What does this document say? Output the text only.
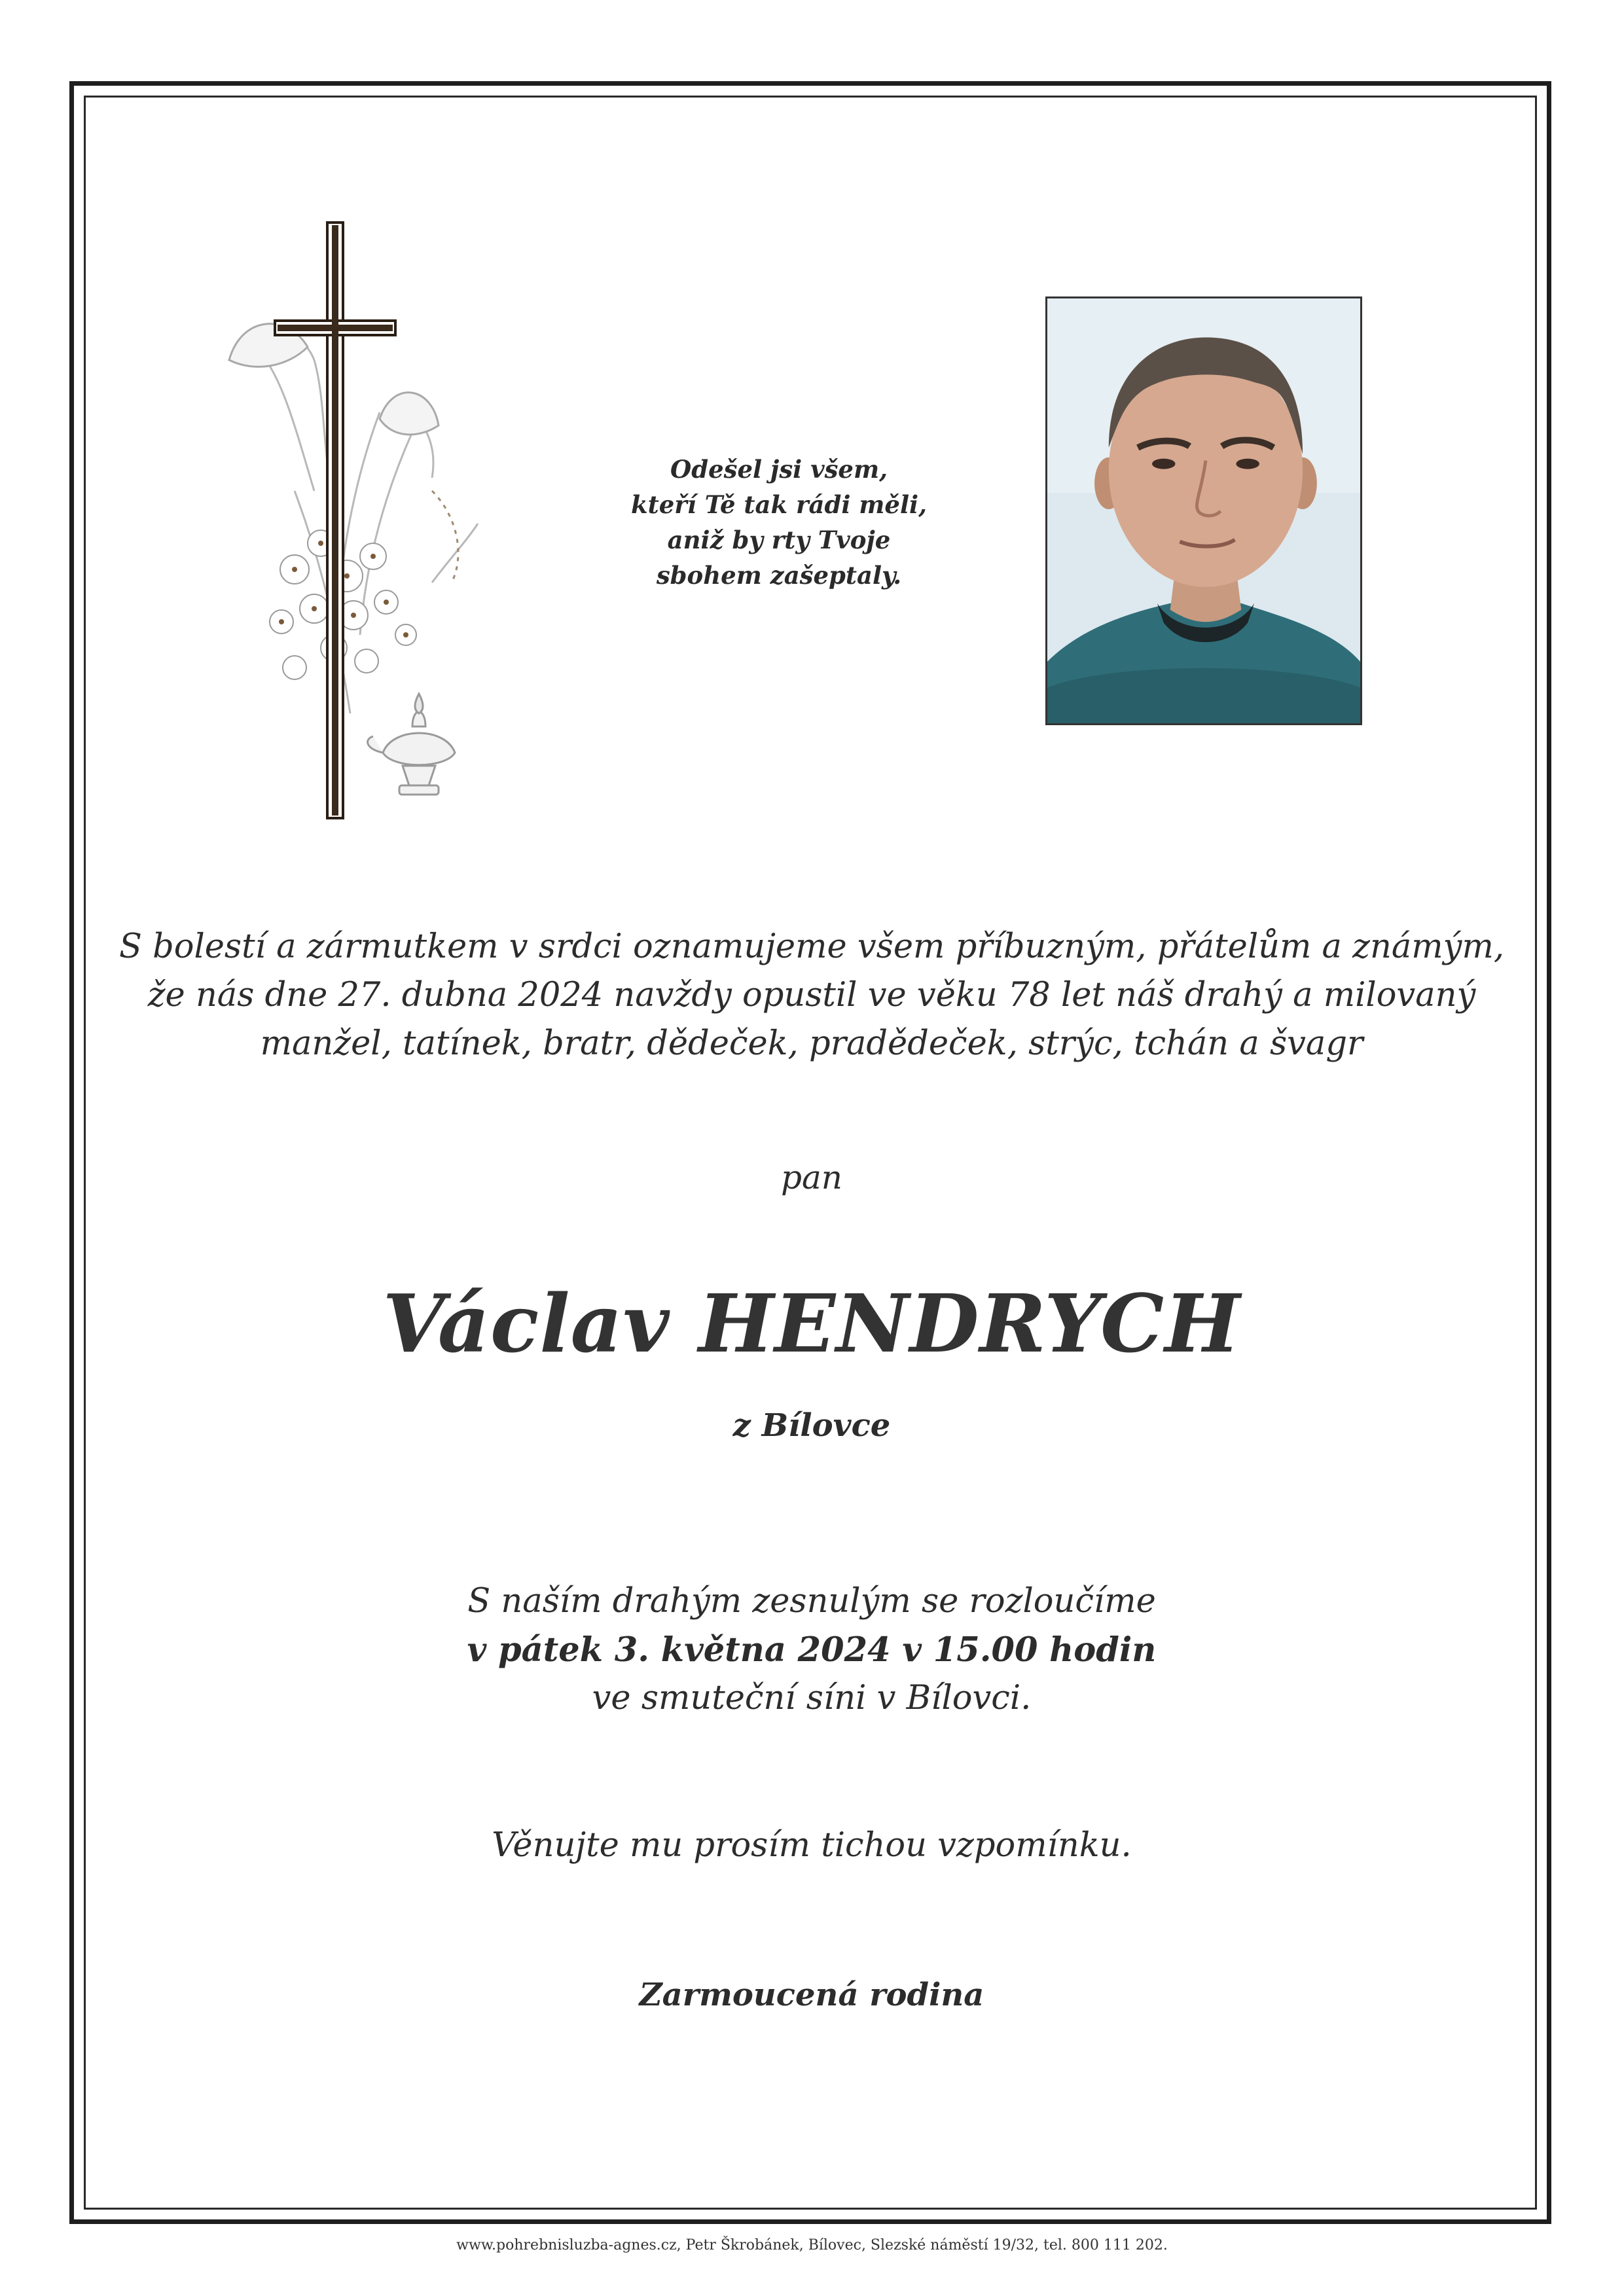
Odešel jsi všem,
kteří Tě tak rádi měli,
aniž by rty Tvoje
sbohem zašeptaly.
S bolestí a zármutkem v srdci oznamujeme všem příbuzným, přátelům a známým,
že nás dne 27. dubna 2024 navždy opustil ve věku 78 let náš drahý a milovaný
manžel, tatínek, bratr, dědeček, pradědeček, strýc, tchán a švagr
pan
Václav HENDRYCH
z Bílovce
S naším drahým zesnulým se rozloučíme
v pátek 3. května 2024 v 15.00 hodin
ve smuteční síni v Bílovci.
Věnujte mu prosím tichou vzpomínku.
Zarmoucená rodina
www.pohrebnisluzba-agnes.cz, Petr Škrobánek, Bílovec, Slezské náměstí 19/32, tel. 800 111 202.
